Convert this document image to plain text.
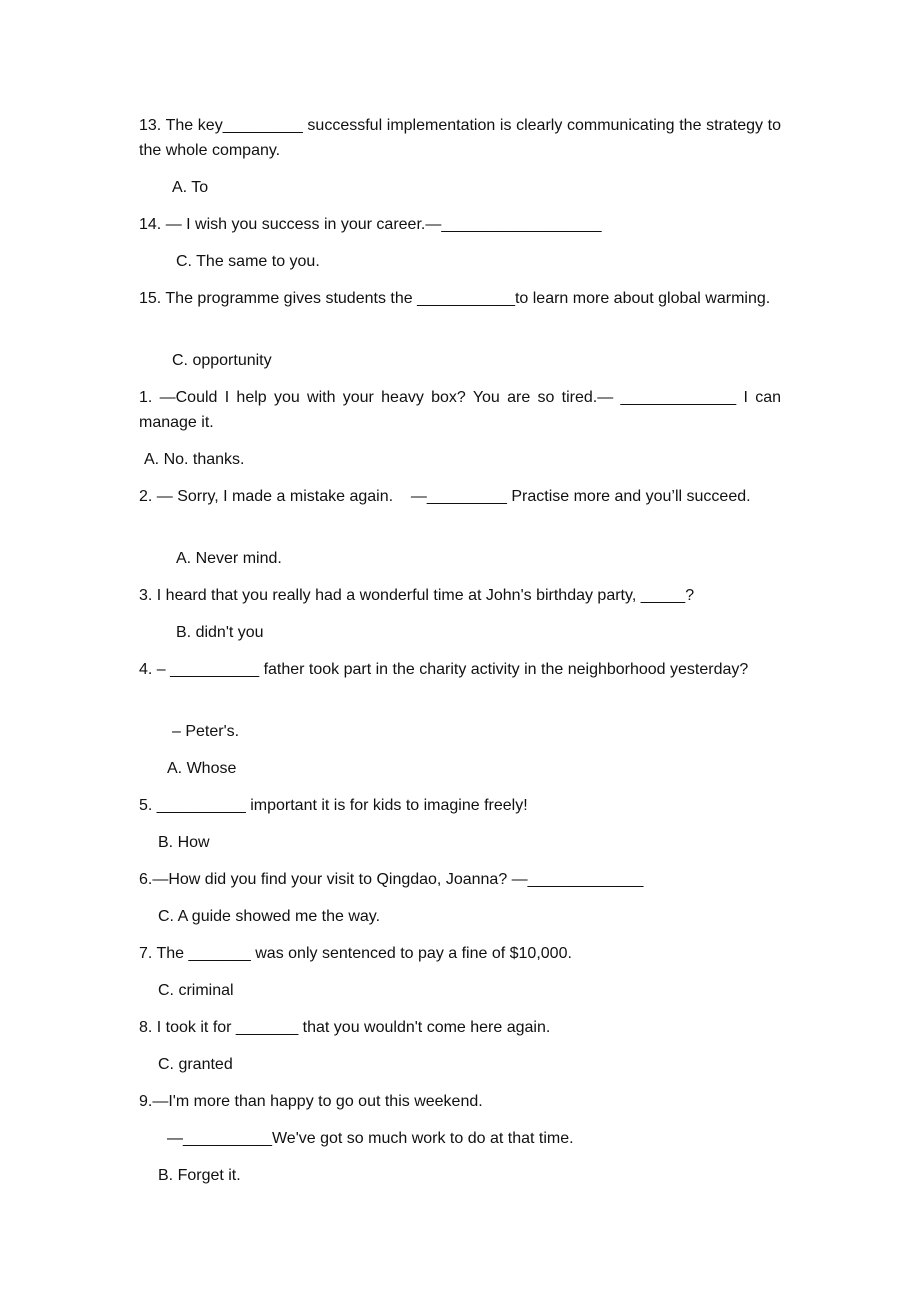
13. The key_________ successful implementation is clearly communicating the strategy to the whole company.
A. To
14. — I wish you success in your career.—__________________
C. The same to you.
15. The programme gives students the ___________to learn more about global warming.
C. opportunity
1. —Could I help you with your heavy box? You are so tired.— _____________ I can manage it.
A. No. thanks.
2. — Sorry, I made a mistake again.    —_________ Practise more and you’ll succeed.
A. Never mind.
3. I heard that you really had a wonderful time at John's birthday party, _____?
B. didn't you
4. – __________ father took part in the charity activity in the neighborhood yesterday?
– Peter's.
A. Whose
5. __________ important it is for kids to imagine freely!
B. How
6.—How did you find your visit to Qingdao, Joanna? —_____________
C. A guide showed me the way.
7. The _______ was only sentenced to pay a fine of $10,000.
C. criminal
8. I took it for _______ that you wouldn't come here again.
C. granted
9.—I'm more than happy to go out this weekend.
—__________We've got so much work to do at that time.
B. Forget it.
